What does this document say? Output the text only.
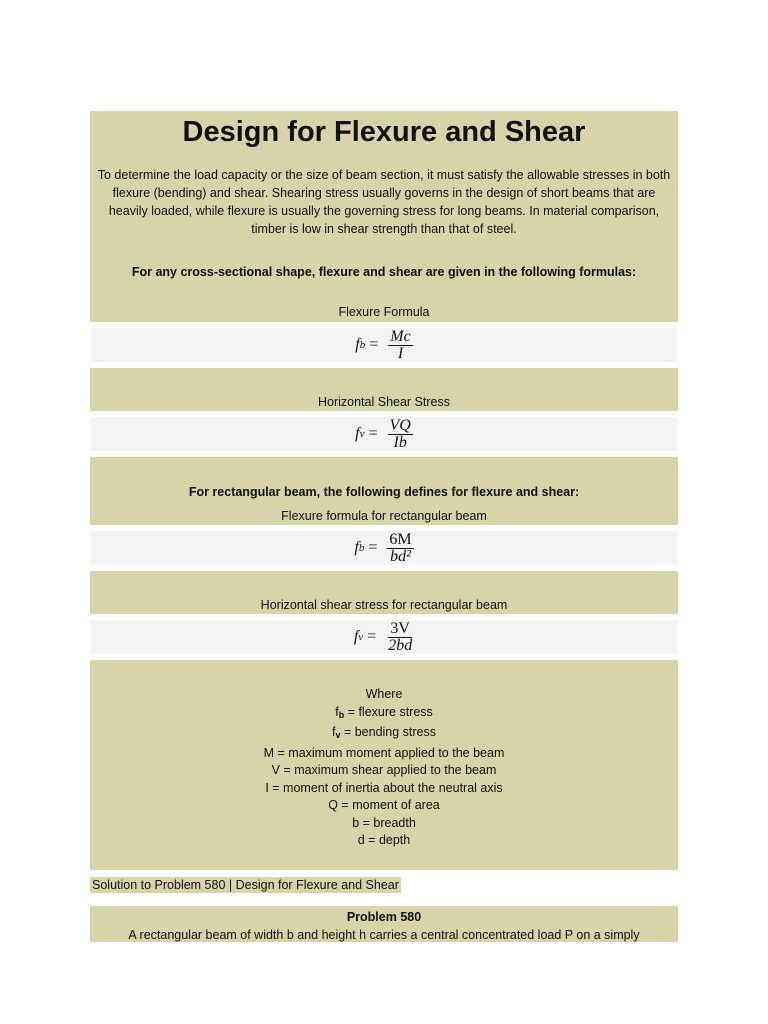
Design for Flexure and Shear
To determine the load capacity or the size of beam section, it must satisfy the allowable stresses in both flexure (bending) and shear. Shearing stress usually governs in the design of short beams that are heavily loaded, while flexure is usually the governing stress for long beams. In material comparison, timber is low in shear strength than that of steel.
For any cross-sectional shape, flexure and shear are given in the following formulas:
Flexure Formula
f $b = \frac{Mc}{I}$
Horizontal Shear Stress
f $v = \frac{VQ}{Ib}$
For rectangular beam, the following defines for flexure and shear:
Flexure formula for rectangular beam
f $b = \frac{6M}{\text{bd²}}$
Horizontal shear stress for rectangular beam
f $v = \frac{3V}{2bd}$
Where
$f_b$ = flexure stress
$f_v$ = bending stress
M = maximum moment applied to the beam
V = maximum shear applied to the beam
I = moment of inertia about the neutral axis
Q = moment of area
b = breadth
d = depth
Solution to Problem 580 | Design for Flexure and Shear
Problem 580
A rectangular beam of width b and height h carries a central concentrated load P on a simply
